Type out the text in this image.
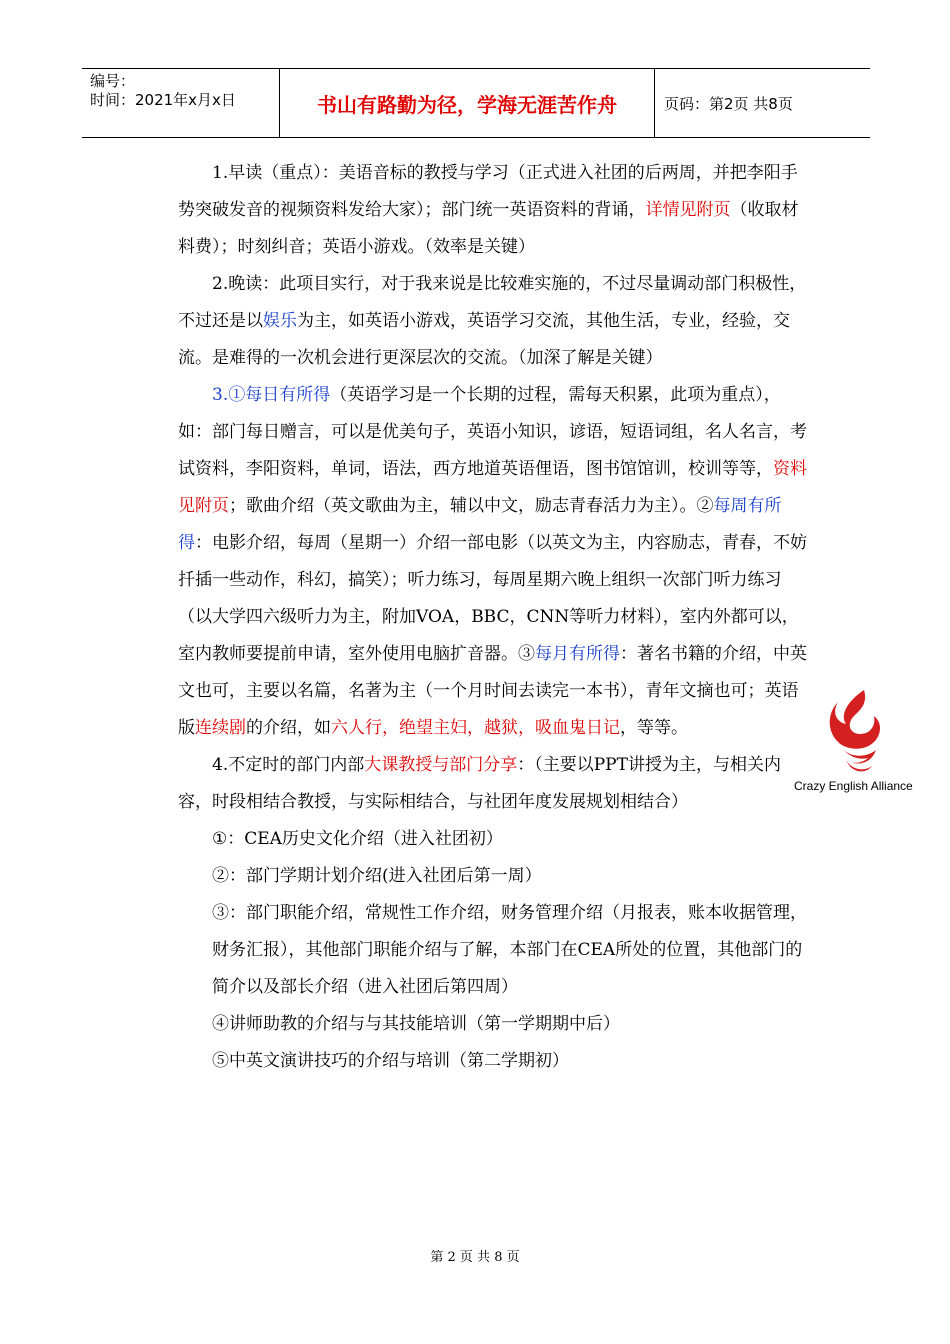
编号：
时间：2021年x月x日	书山有路勤为径，学海无涯苦作舟	页码：第2页 共8页

1.早读（重点）：美语音标的教授与学习（正式进入社团的后两周，并把李阳手势突破发音的视频资料发给大家）；部门统一英语资料的背诵，详情见附页（收取材料费）；时刻纠音；英语小游戏。（效率是关键）

2.晚读：此项目实行，对于我来说是比较难实施的，不过尽量调动部门积极性，不过还是以娱乐为主，如英语小游戏，英语学习交流，其他生活，专业，经验，交流。是难得的一次机会进行更深层次的交流。（加深了解是关键）

3.①每日有所得（英语学习是一个长期的过程，需每天积累，此项为重点），如：部门每日赠言，可以是优美句子，英语小知识，谚语，短语词组，名人名言，考试资料，李阳资料，单词，语法，西方地道英语俚语，图书馆馆训，校训等等，资料见附页；歌曲介绍（英文歌曲为主，辅以中文，励志青春活力为主）。②每周有所得：电影介绍，每周（星期一）介绍一部电影（以英文为主，内容励志，青春，不妨扦插一些动作，科幻，搞笑）；听力练习，每周星期六晚上组织一次部门听力练习（以大学四六级听力为主，附加VOA，BBC，CNN等听力材料），室内外都可以，室内教师要提前申请，室外使用电脑扩音器。③每月有所得：著名书籍的介绍，中英文也可，主要以名篇，名著为主（一个月时间去读完一本书），青年文摘也可；英语版连续剧的介绍，如六人行，绝望主妇，越狱，吸血鬼日记，等等。

4.不定时的部门内部大课教授与部门分享：（主要以PPT讲授为主，与相关内容，时段相结合教授，与实际相结合，与社团年度发展规划相结合）

①：CEA历史文化介绍（进入社团初）

②：部门学期计划介绍(进入社团后第一周）

③：部门职能介绍，常规性工作介绍，财务管理介绍（月报表，账本收据管理，财务汇报），其他部门职能介绍与了解，本部门在CEA所处的位置，其他部门的简介以及部长介绍（进入社团后第四周）

④讲师助教的介绍与与其技能培训（第一学期期中后）

⑤中英文演讲技巧的介绍与培训（第二学期初）

Crazy English Alliance
第 2 页 共 8 页
